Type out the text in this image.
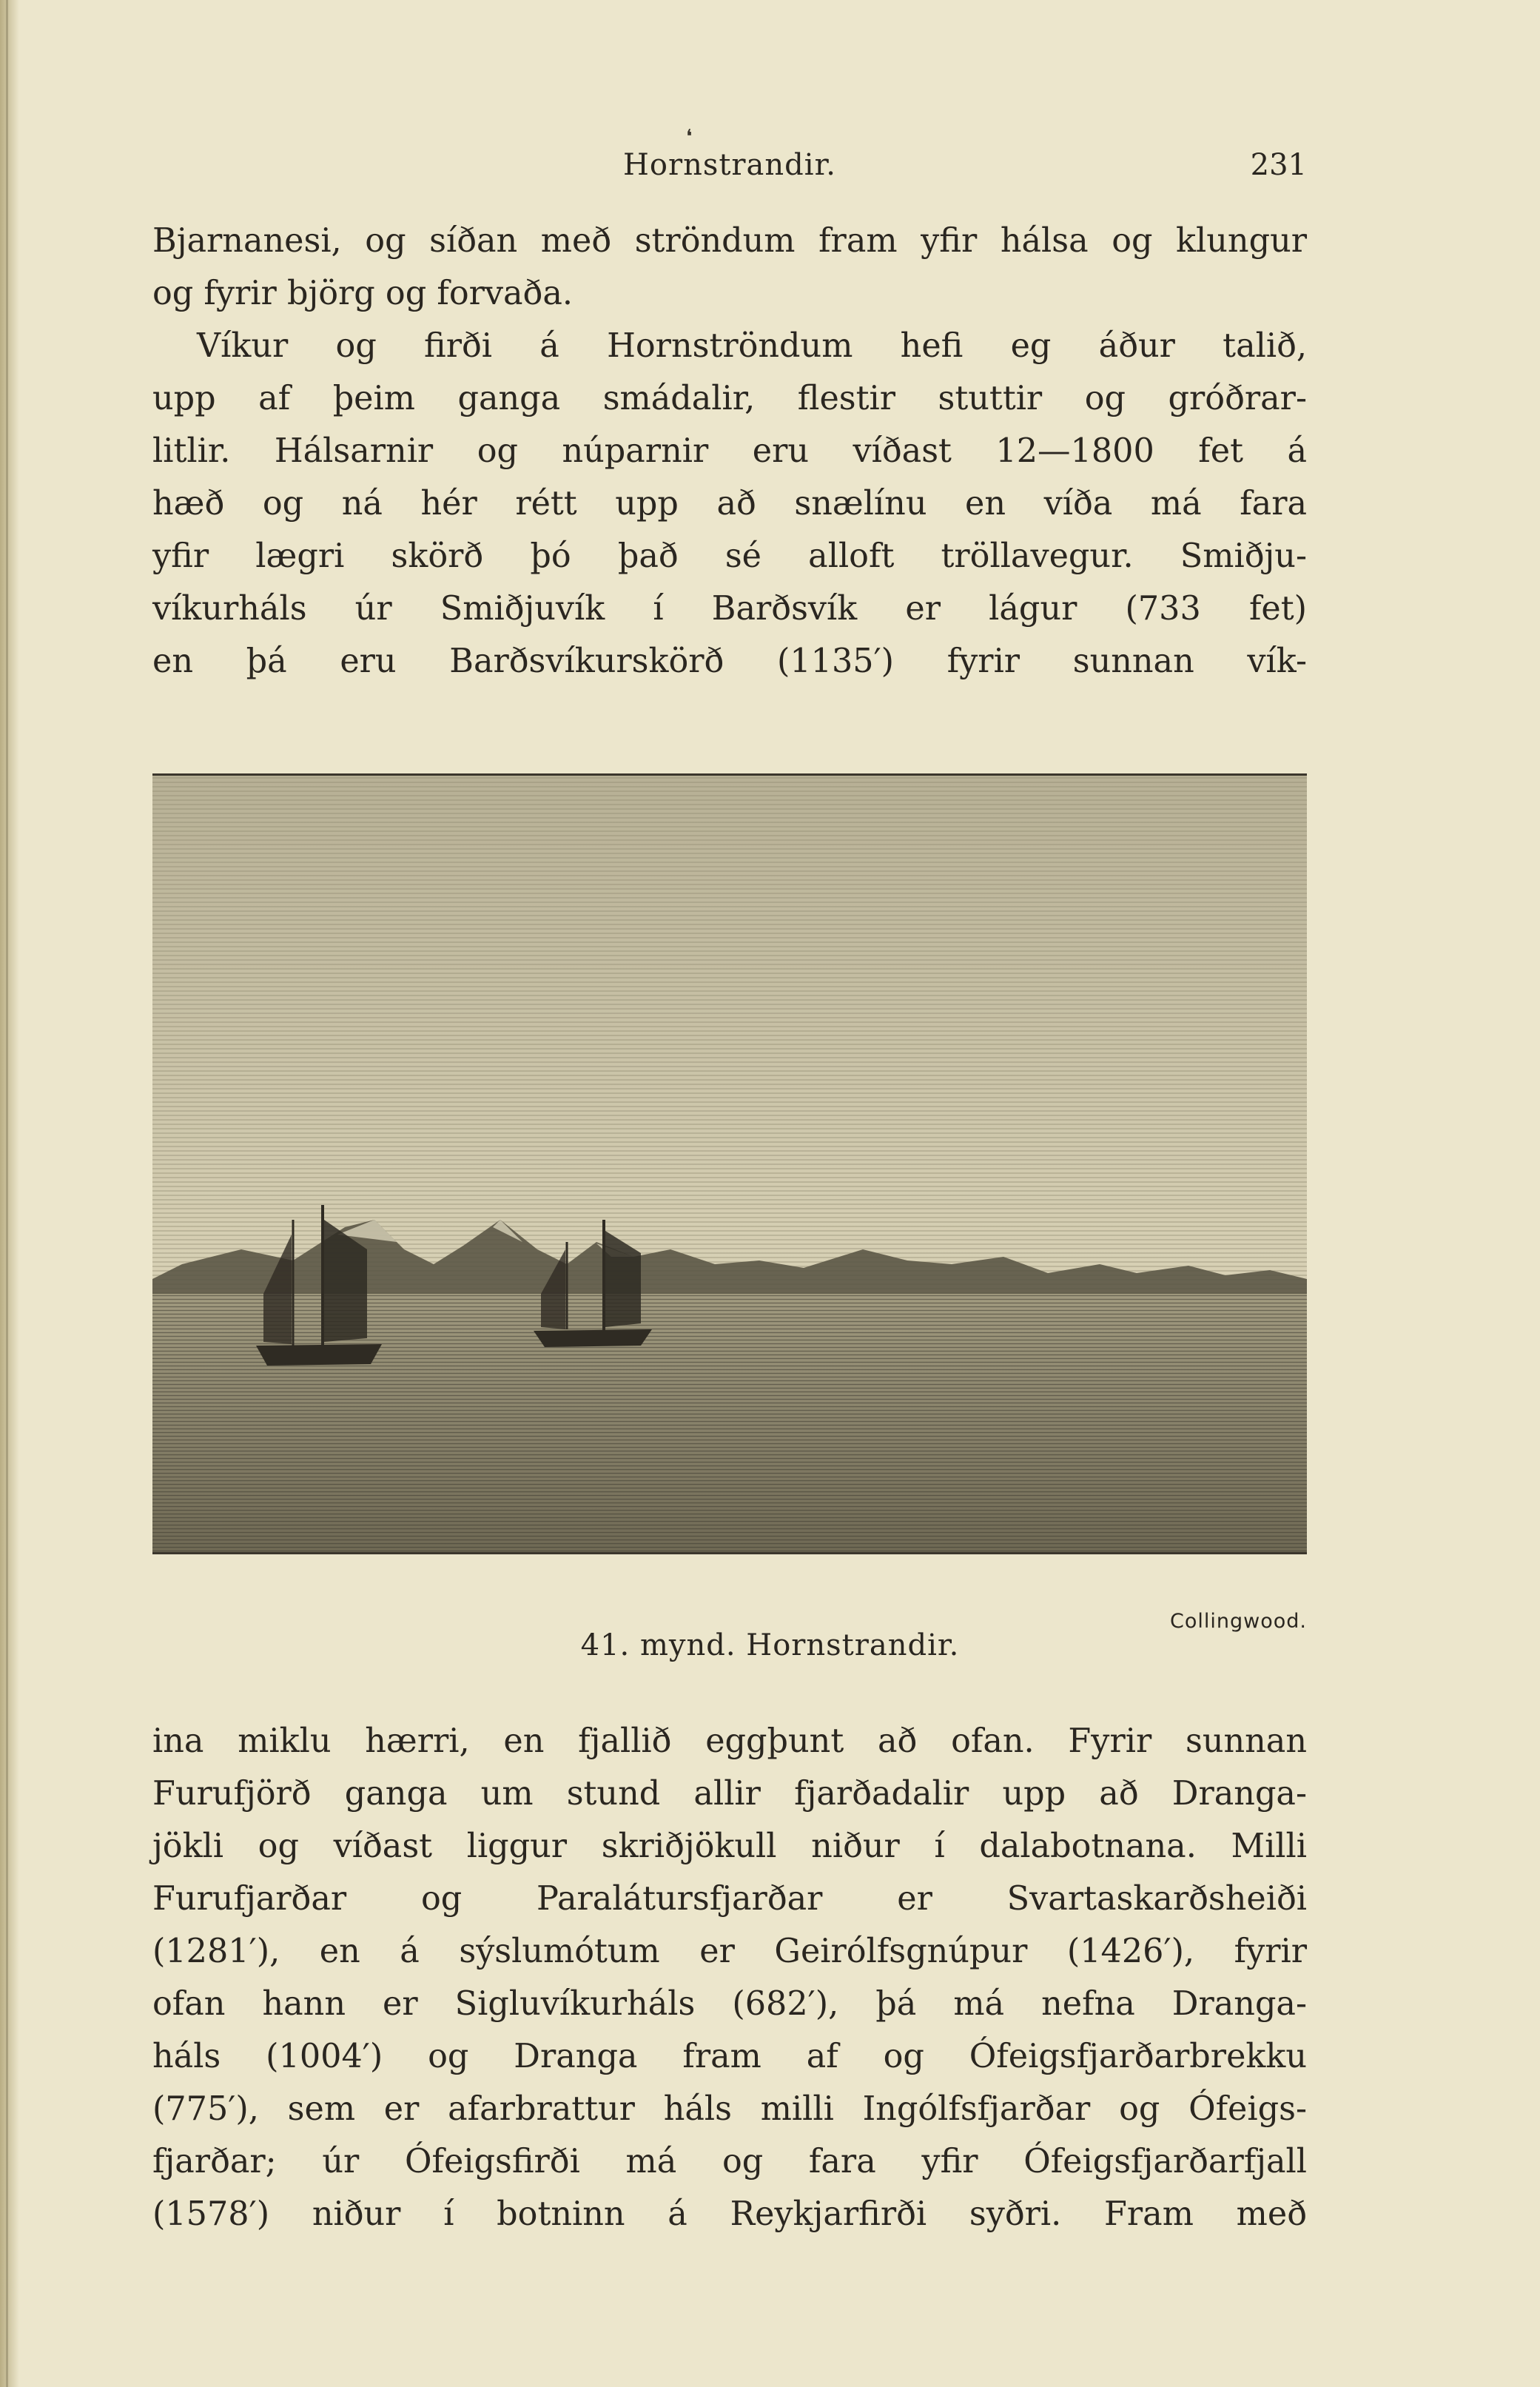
❛
Hornstrandir.	231
Bjarnanesi, og síðan með ströndum fram yfir hálsa og klungur
og fyrir björg og forvaða.
Víkur og firði á Hornströndum hefi eg áður talið,
upp af þeim ganga smádalir, flestir stuttir og gróðrar-
litlir. Hálsarnir og núparnir eru víðast 12—1800 fet á
hæð og ná hér rétt upp að snælínu en víða má fara
yfir lægri skörð þó það sé alloft tröllavegur. Smiðju-
víkurháls úr Smiðjuvík í Barðsvík er lágur (733 fet)
en þá eru Barðsvíkurskörð (1135′) fyrir sunnan vík-
Collingwood.
41. mynd. Hornstrandir.
ina miklu hærri, en fjallið eggþunt að ofan. Fyrir sunnan
Furufjörð ganga um stund allir fjarðadalir upp að Dranga-
jökli og víðast liggur skriðjökull niður í dalabotnana. Milli
Furufjarðar og Paralátursfjarðar er Svartaskarðsheiði
(1281′), en á sýslumótum er Geirólfsgnúpur (1426′), fyrir
ofan hann er Sigluvíkurháls (682′), þá má nefna Dranga-
háls (1004′) og Dranga fram af og Ófeigsfjarðarbrekku
(775′), sem er afarbrattur háls milli Ingólfsfjarðar og Ófeigs-
fjarðar; úr Ófeigsfirði má og fara yfir Ófeigsfjarðarfjall
(1578′) niður í botninn á Reykjarfirði syðri. Fram með
